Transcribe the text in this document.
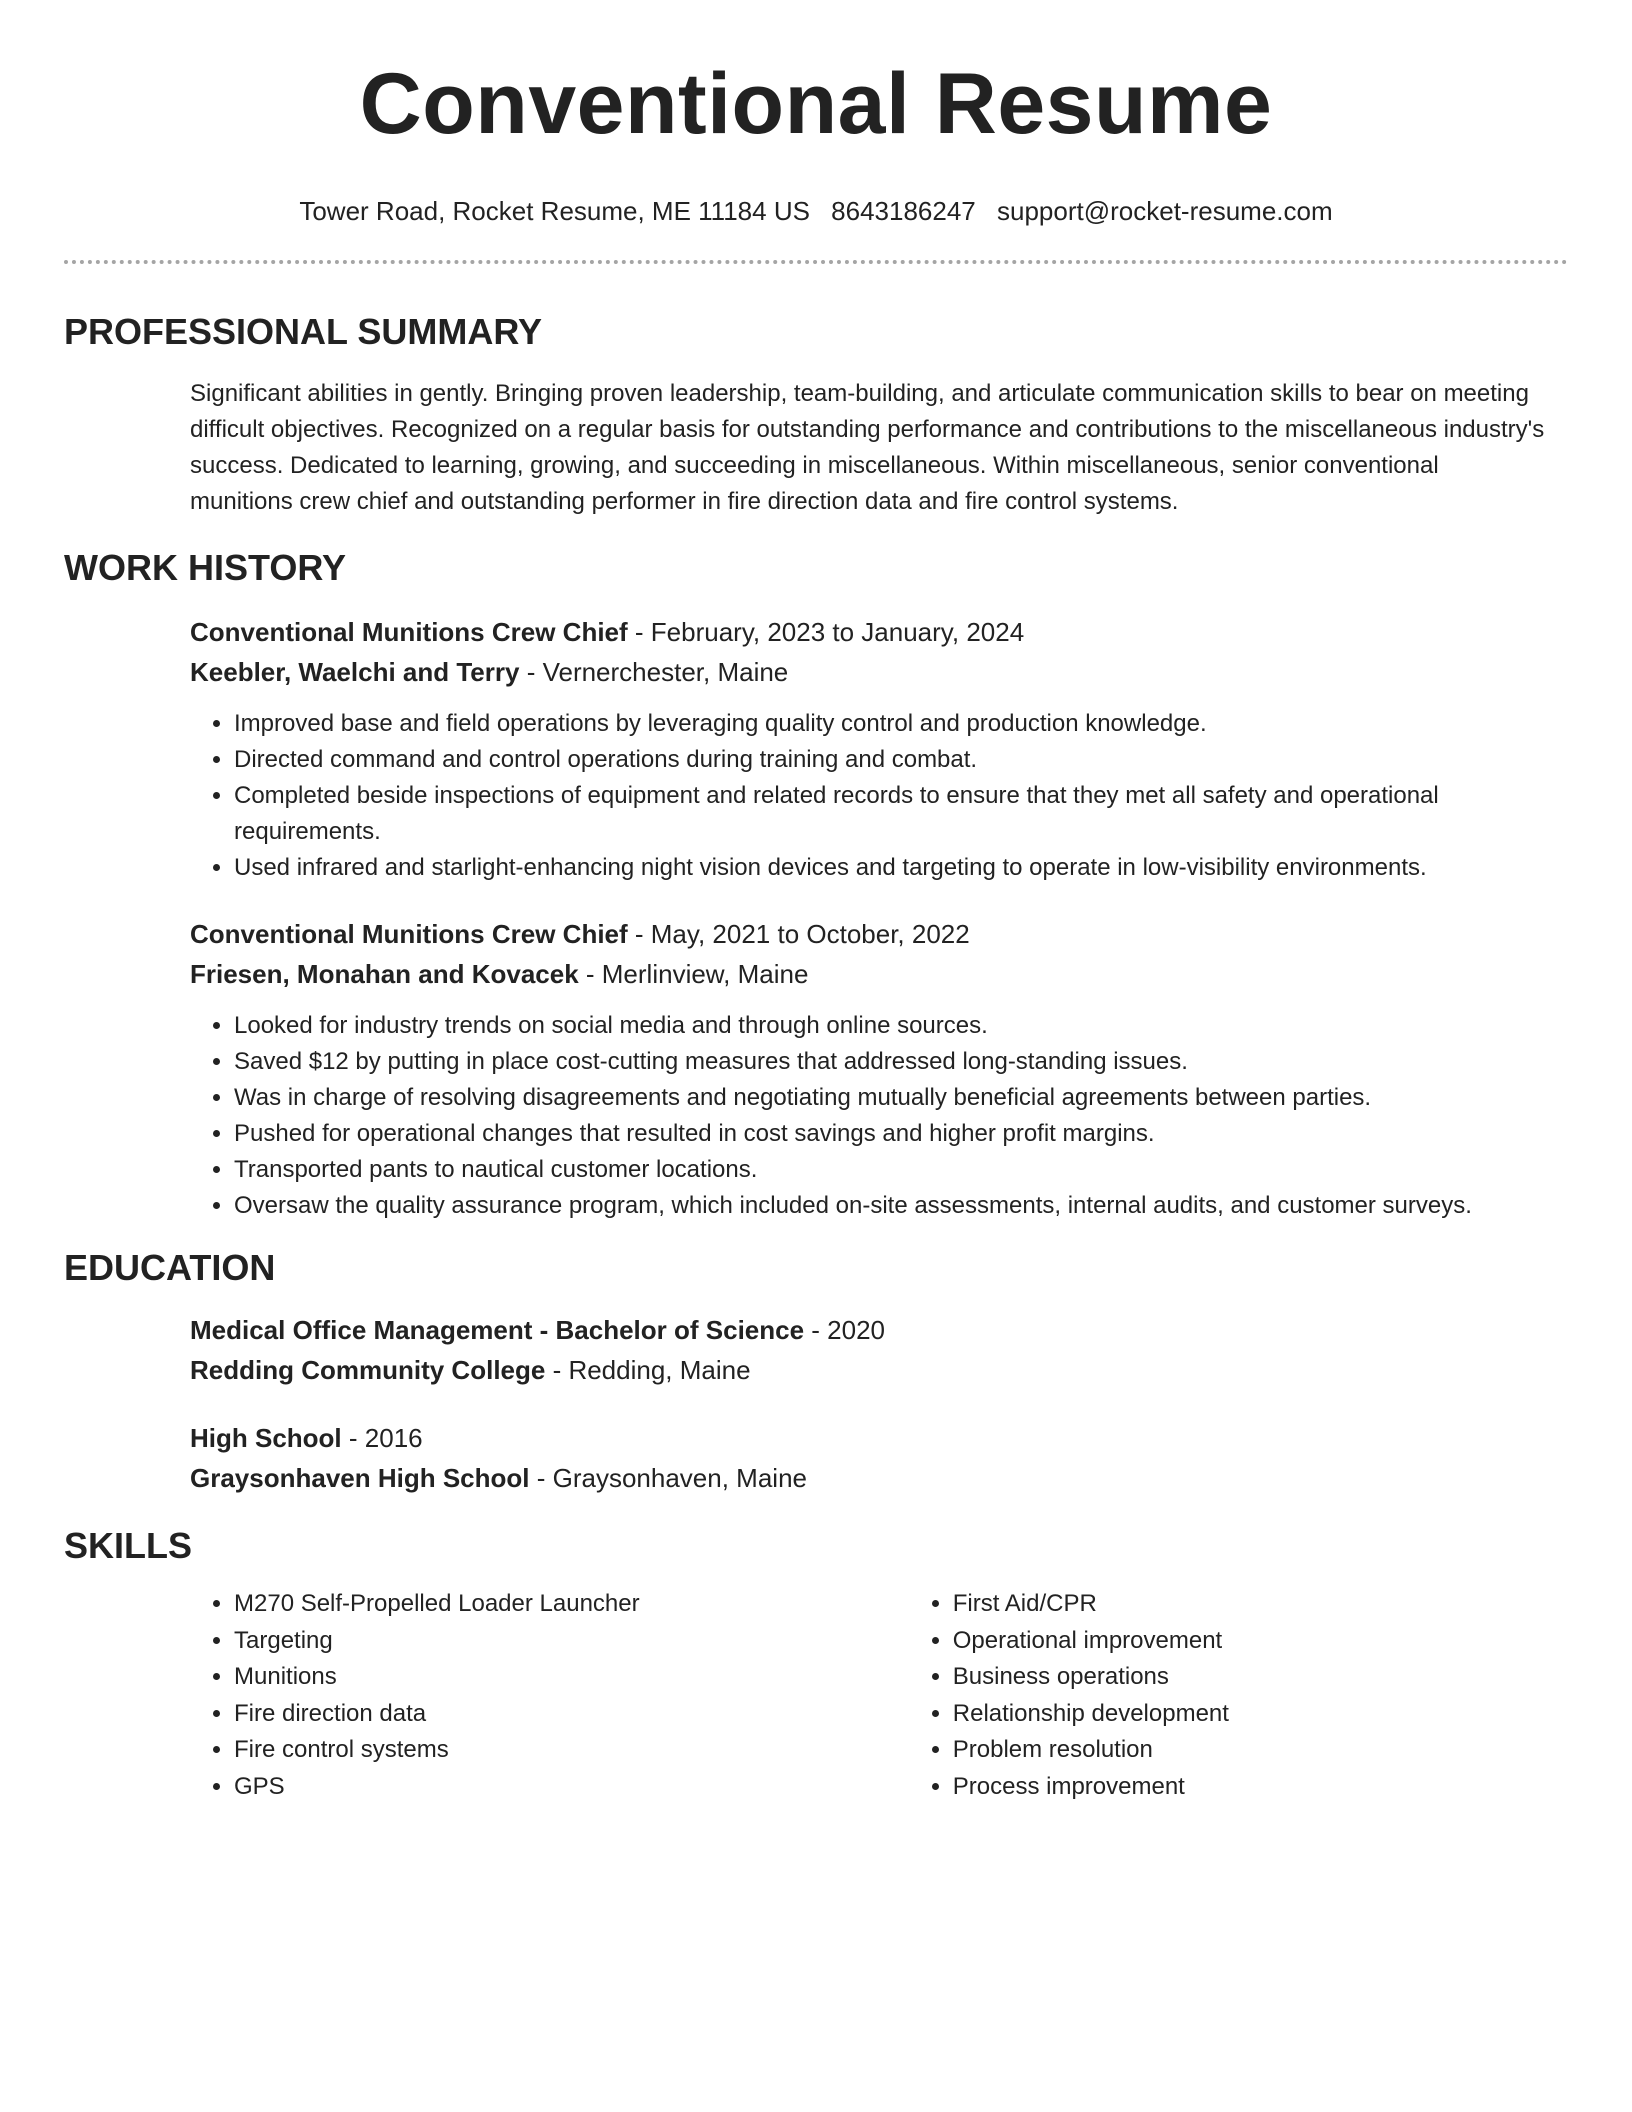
Conventional Resume
Tower Road, Rocket Resume, ME 11184 US 8643186247 support@rocket-resume.com
PROFESSIONAL SUMMARY

Significant abilities in gently. Bringing proven leadership, team-building, and articulate communication skills to bear on meeting difficult objectives. Recognized on a regular basis for outstanding performance and contributions to the miscellaneous industry's success. Dedicated to learning, growing, and succeeding in miscellaneous. Within miscellaneous, senior conventional munitions crew chief and outstanding performer in fire direction data and fire control systems.

WORK HISTORY
Conventional Munitions Crew Chief - February, 2023 to January, 2024
Keebler, Waelchi and Terry - Vernerchester, Maine
• Improved base and field operations by leveraging quality control and production knowledge.
• Directed command and control operations during training and combat.
• Completed beside inspections of equipment and related records to ensure that they met all safety and operational requirements.
• Used infrared and starlight-enhancing night vision devices and targeting to operate in low-visibility environments.
Conventional Munitions Crew Chief - May, 2021 to October, 2022
Friesen, Monahan and Kovacek - Merlinview, Maine
• Looked for industry trends on social media and through online sources.
• Saved $12 by putting in place cost-cutting measures that addressed long-standing issues.
• Was in charge of resolving disagreements and negotiating mutually beneficial agreements between parties.
• Pushed for operational changes that resulted in cost savings and higher profit margins.
• Transported pants to nautical customer locations.
• Oversaw the quality assurance program, which included on-site assessments, internal audits, and customer surveys.
EDUCATION
Medical Office Management - Bachelor of Science - 2020
Redding Community College - Redding, Maine
High School - 2016
Graysonhaven High School - Graysonhaven, Maine
SKILLS
• M270 Self-Propelled Loader Launcher
• Targeting
• Munitions
• Fire direction data
• Fire control systems
• GPS
• First Aid/CPR
• Operational improvement
• Business operations
• Relationship development
• Problem resolution
• Process improvement
